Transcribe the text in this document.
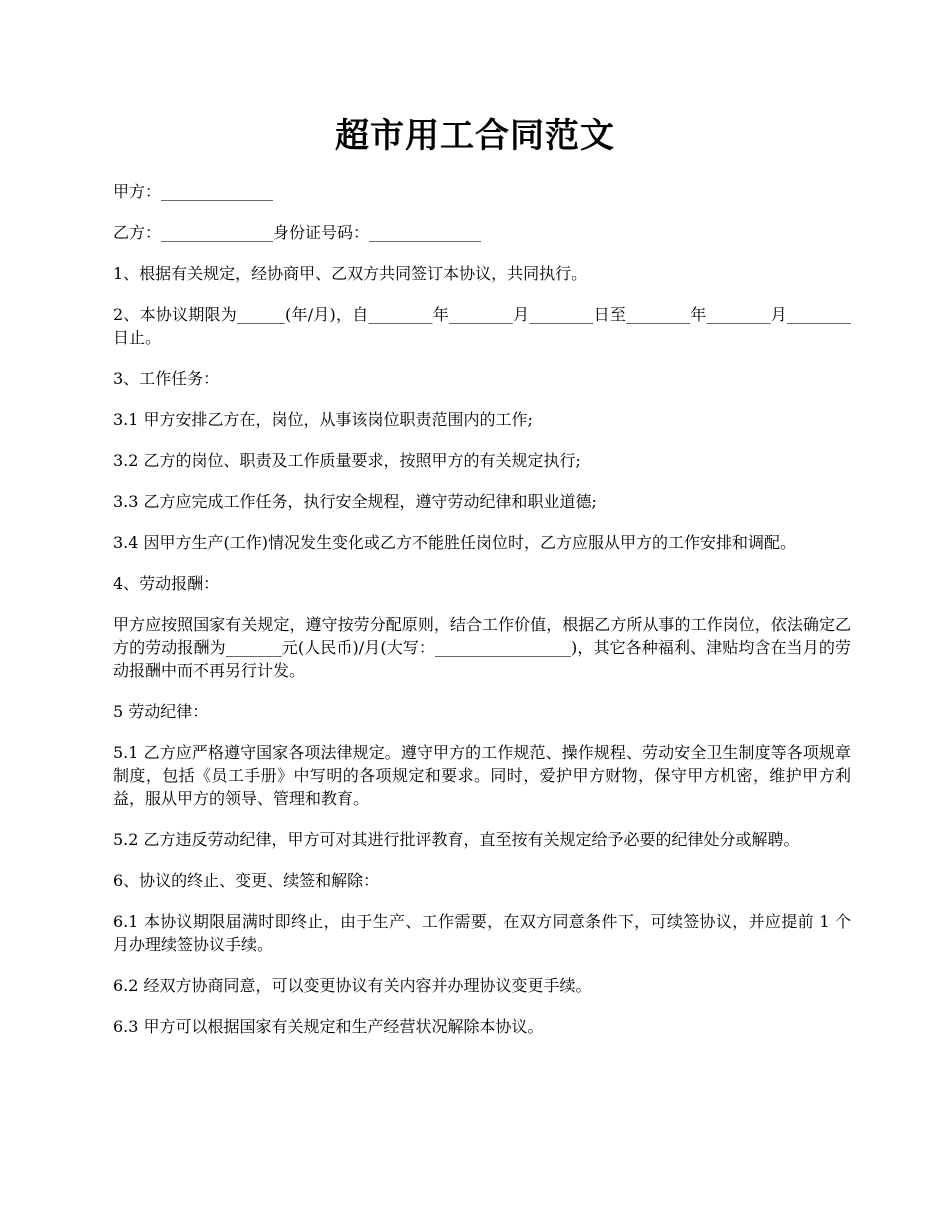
超市用工合同范文

甲方：______________

乙方：______________身份证号码：______________

1、根据有关规定，经协商甲、乙双方共同签订本协议，共同执行。

2、本协议期限为______(年/月)，自________年________月________日至________年________月________日止。

3、工作任务：

3.1 甲方安排乙方在，岗位，从事该岗位职责范围内的工作;

3.2 乙方的岗位、职责及工作质量要求，按照甲方的有关规定执行;

3.3 乙方应完成工作任务，执行安全规程，遵守劳动纪律和职业道德;

3.4 因甲方生产(工作)情况发生变化或乙方不能胜任岗位时，乙方应服从甲方的工作安排和调配。

4、劳动报酬：

甲方应按照国家有关规定，遵守按劳分配原则，结合工作价值，根据乙方所从事的工作岗位，依法确定乙方的劳动报酬为_______元(人民币)/月(大写：_________________)，其它各种福利、津贴均含在当月的劳动报酬中而不再另行计发。

5 劳动纪律：

5.1 乙方应严格遵守国家各项法律规定。遵守甲方的工作规范、操作规程、劳动安全卫生制度等各项规章制度，包括《员工手册》中写明的各项规定和要求。同时，爱护甲方财物，保守甲方机密，维护甲方利益，服从甲方的领导、管理和教育。

5.2 乙方违反劳动纪律，甲方可对其进行批评教育，直至按有关规定给予必要的纪律处分或解聘。

6、协议的终止、变更、续签和解除：

6.1 本协议期限届满时即终止，由于生产、工作需要，在双方同意条件下，可续签协议，并应提前 1 个月办理续签协议手续。

6.2 经双方协商同意，可以变更协议有关内容并办理协议变更手续。

6.3 甲方可以根据国家有关规定和生产经营状况解除本协议。
